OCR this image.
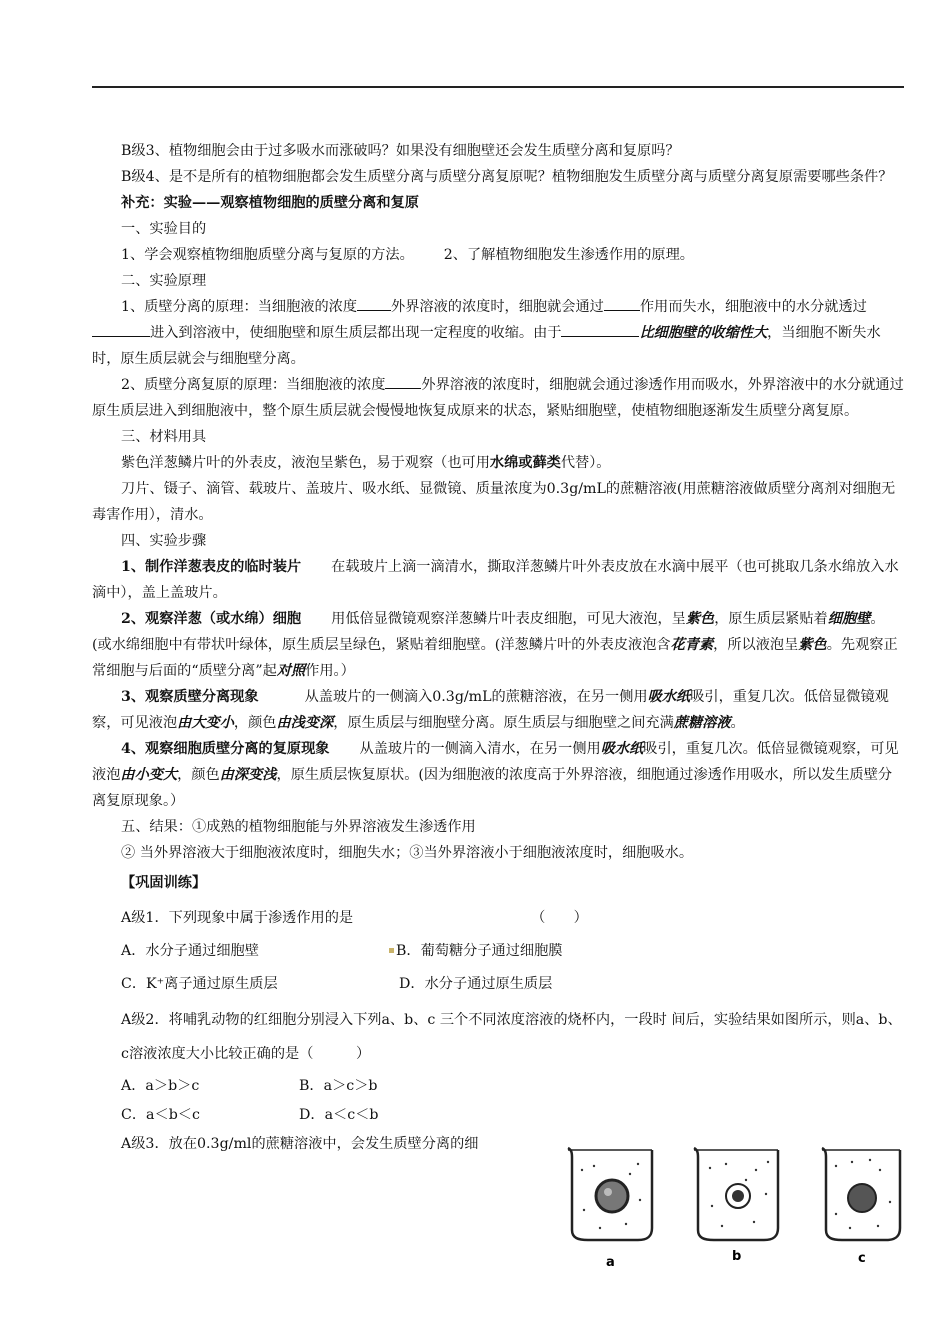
B级3、植物细胞会由于过多吸水而涨破吗？如果没有细胞壁还会发生质壁分离和复原吗？

B级4、是不是所有的植物细胞都会发生质壁分离与质壁分离复原呢？植物细胞发生质壁分离与质壁分离复原需要哪些条件？

补充：实验——观察植物细胞的质壁分离和复原

一、实验目的

1、学会观察植物细胞质壁分离与复原的方法。 2、了解植物细胞发生渗透作用的原理。

二、实验原理

1、质壁分离的原理：当细胞液的浓度 外界溶液的浓度时，细胞就会通过	作用而失水，细胞液中的水分就透过进入到溶液中，使细胞壁和原生质层都出现一定程度的收缩。由于	比细胞壁的收缩性大，当细胞不断失水时，原生质层就会与细胞壁分离。

2、质壁分离复原的原理：当细胞液的浓度	外界溶液的浓度时，细胞就会通过渗透作用而吸水，外界溶液中的水分就通过原生质层进入到细胞液中，整个原生质层就会慢慢地恢复成原来的状态，紧贴细胞壁，使植物细胞逐渐发生质壁分离复原。

三、材料用具

紫色洋葱鳞片叶的外表皮，液泡呈紫色，易于观察（也可用水绵或藓类代替）。

刀片、镊子、滴管、载玻片、盖玻片、吸水纸、显微镜、质量浓度为0.3g/mL的蔗糖溶液(用蔗糖溶液做质壁分离剂对细胞无毒害作用），清水。

四、实验步骤

1、制作洋葱表皮的临时装片 在载玻片上滴一滴清水，撕取洋葱鳞片叶外表皮放在水滴中展平（也可挑取几条水绵放入水滴中），盖上盖玻片。

2、观察洋葱（或水绵）细胞 用低倍显微镜观察洋葱鳞片叶表皮细胞，可见大液泡，呈紫色，原生质层紧贴着细胞壁。(或水绵细胞中有带状叶绿体，原生质层呈绿色，紧贴着细胞壁。(洋葱鳞片叶的外表皮液泡含花青素，所以液泡呈紫色。先观察正常细胞与后面的“质壁分离”起对照作用。）

3、观察质壁分离现象	从盖玻片的一侧滴入0.3g/mL的蔗糖溶液，在另一侧用吸水纸吸引，重复几次。低倍显微镜观察，可见液泡由大变小，颜色由浅变深，原生质层与细胞壁分离。原生质层与细胞壁之间充满蔗糖溶液。

4、观察细胞质壁分离的复原现象 从盖玻片的一侧滴入清水，在另一侧用吸水纸吸引，重复几次。低倍显微镜观察，可见液泡由小变大，颜色由深变浅，原生质层恢复原状。(因为细胞液的浓度高于外界溶液，细胞通过渗透作用吸水，所以发生质壁分离复原现象。）

五、结果：①成熟的植物细胞能与外界溶液发生渗透作用

② 当外界溶液大于细胞液浓度时，细胞失水；③当外界溶液小于细胞液浓度时，细胞吸水。

【巩固训练】

A级1．下列现象中属于渗透作用的是	（　　）

A．水分子通过细胞壁	B．葡萄糖分子通过细胞膜

C．K⁺离子通过原生质层	D．水分子通过原生质层

A级2．将哺乳动物的红细胞分别浸入下列a、b、c 三个不同浓度溶液的烧杯内，一段时 间后，实验结果如图所示，则a、b、c溶液浓度大小比较正确的是（　　　）

A．a＞b＞c	B．a＞c＞b

C．a＜b＜c	D．a＜c＜b

A级3．放在0.3g/ml的蔗糖溶液中，会发生质壁分离的细

a	b	c
